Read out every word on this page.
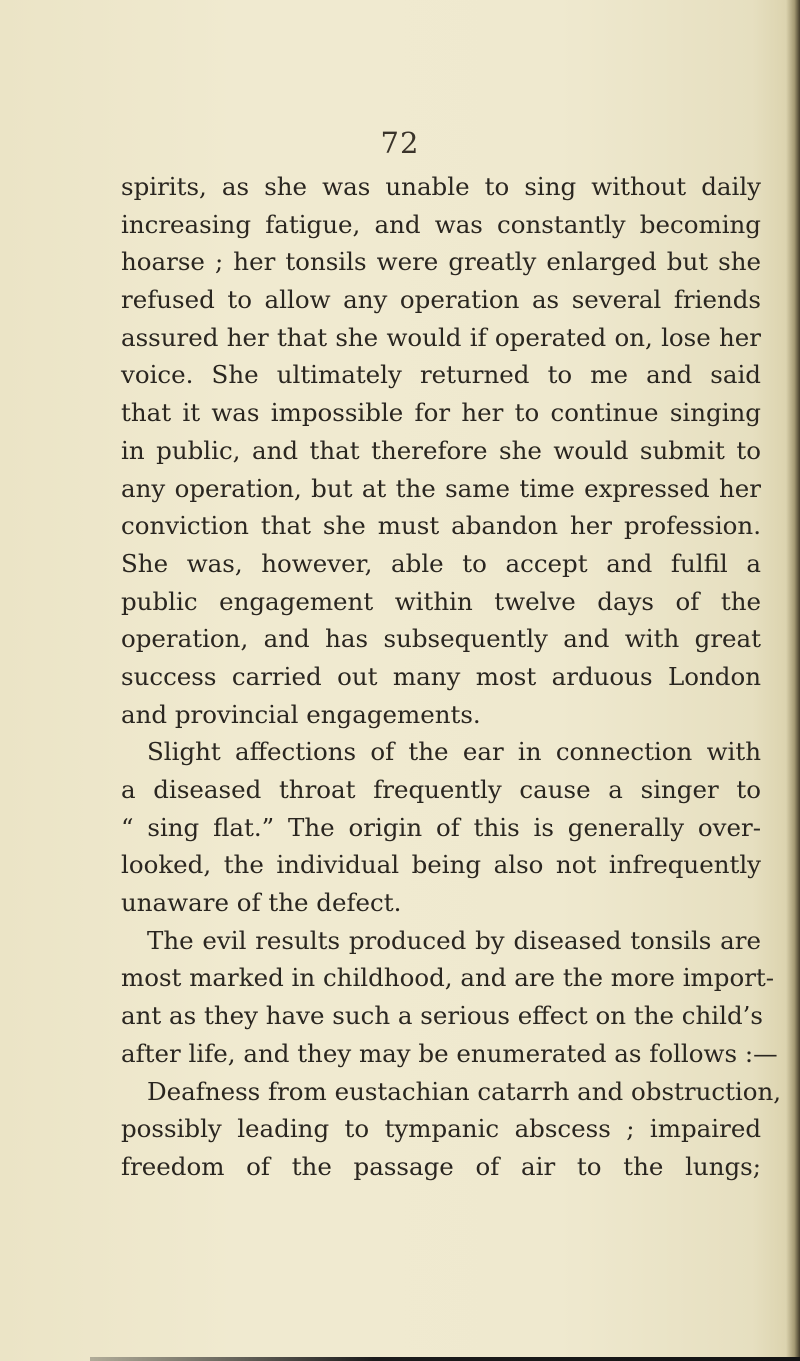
72
spirits, as she was unable to sing without daily
increasing fatigue, and was constantly becoming
hoarse ; her tonsils were greatly enlarged but she
refused to allow any operation as several friends
assured her that she would if operated on, lose her
voice. She ultimately returned to me and said
that it was impossible for her to continue singing
in public, and that therefore she would submit to
any operation, but at the same time expressed her
conviction that she must abandon her profession.
She was, however, able to accept and fulfil a
public engagement within twelve days of the
operation, and has subsequently and with great
success carried out many most arduous London
and provincial engagements.
Slight affections of the ear in connection with
a diseased throat frequently cause a singer to
“ sing flat.” The origin of this is generally over-
looked, the individual being also not infrequently
unaware of the defect.
The evil results produced by diseased tonsils are
most marked in childhood, and are the more import-
ant as they have such a serious effect on the child’s
after life, and they may be enumerated as follows :—
Deafness from eustachian catarrh and obstruction,
possibly leading to tympanic abscess ; impaired
freedom of the passage of air to the lungs;
